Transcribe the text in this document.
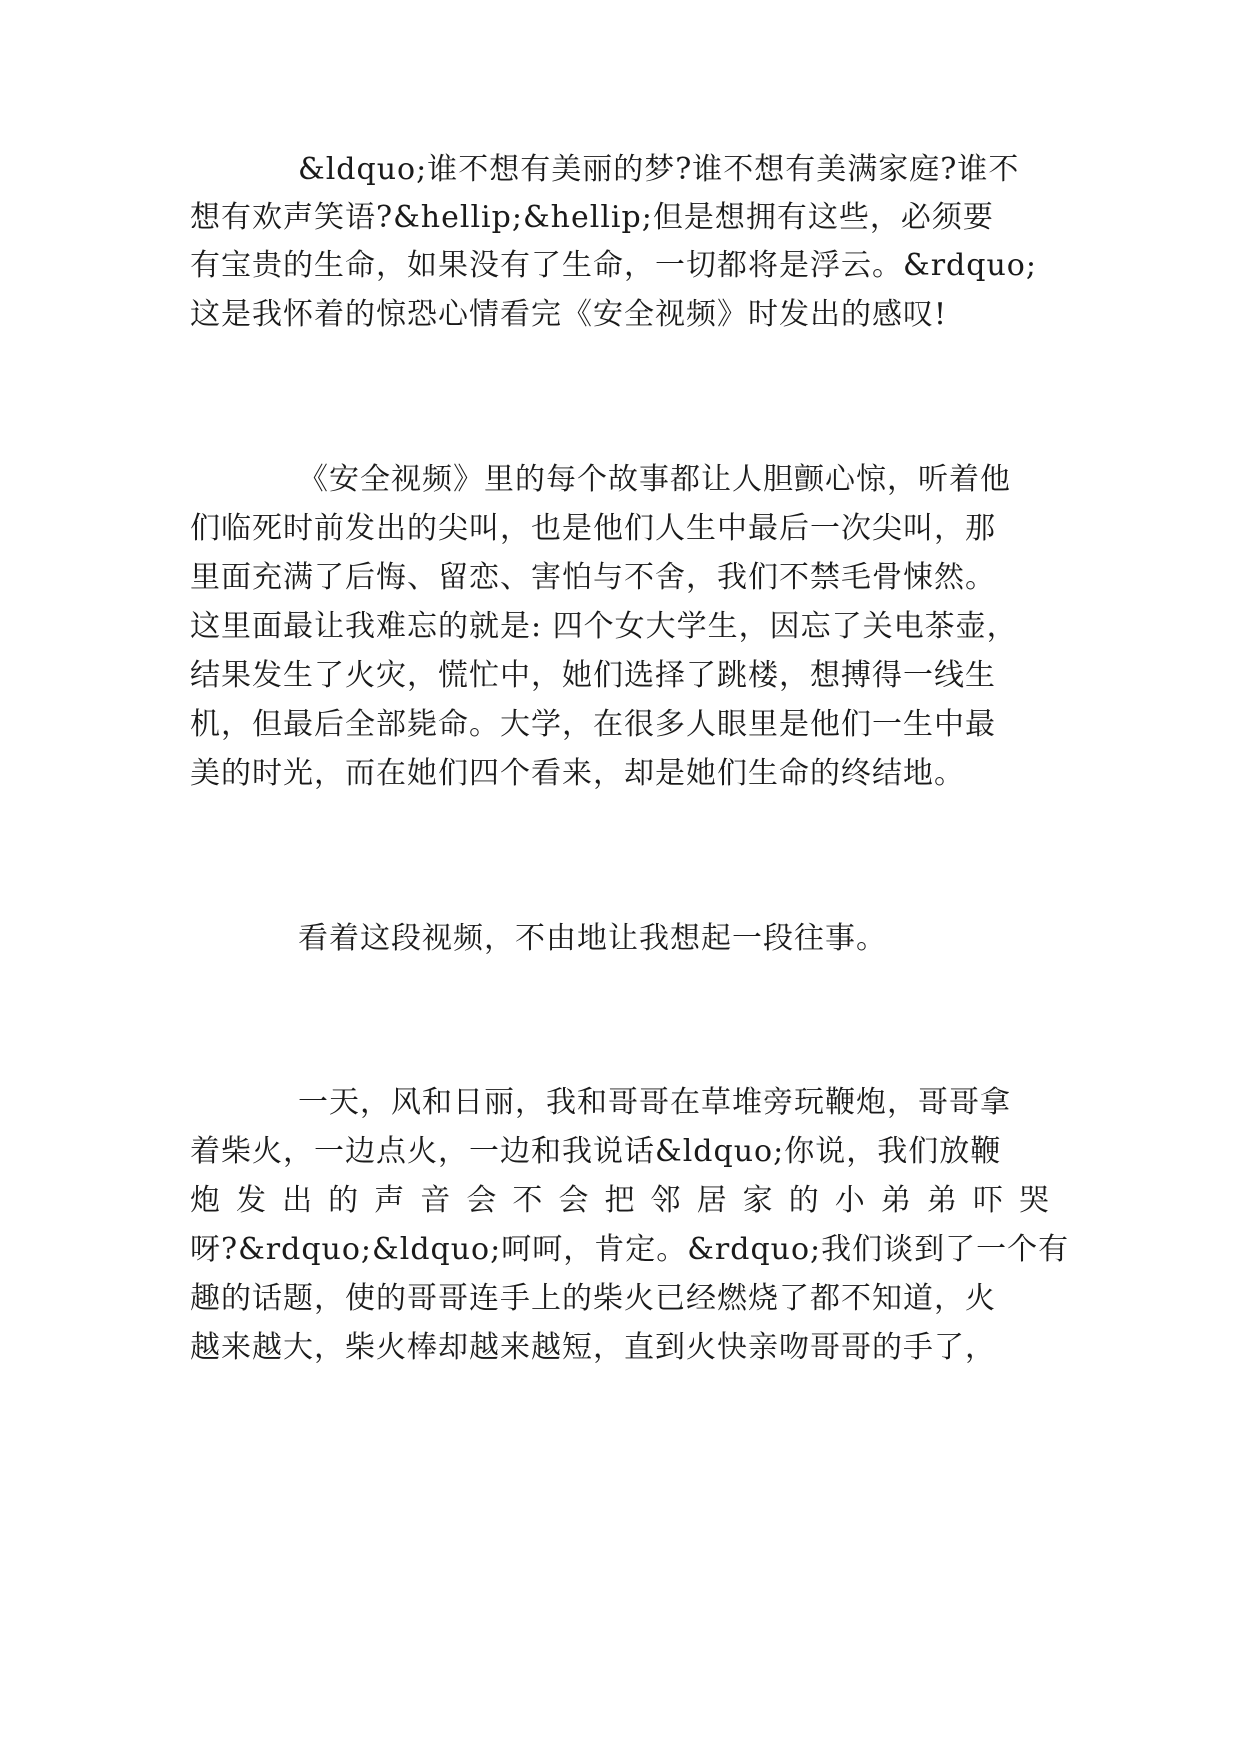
&ldquo;谁不想有美丽的梦?谁不想有美满家庭?谁不
想有欢声笑语?&hellip;&hellip;但是想拥有这些，必须要
有宝贵的生命，如果没有了生命，一切都将是浮云。&rdquo;
这是我怀着的惊恐心情看完《安全视频》时发出的感叹!
《安全视频》里的每个故事都让人胆颤心惊，听着他
们临死时前发出的尖叫，也是他们人生中最后一次尖叫，那
里面充满了后悔、留恋、害怕与不舍，我们不禁毛骨悚然。
这里面最让我难忘的就是: 四个女大学生，因忘了关电茶壶，
结果发生了火灾，慌忙中，她们选择了跳楼，想搏得一线生
机，但最后全部毙命。大学，在很多人眼里是他们一生中最
美的时光，而在她们四个看来，却是她们生命的终结地。
看着这段视频，不由地让我想起一段往事。
一天，风和日丽，我和哥哥在草堆旁玩鞭炮，哥哥拿
着柴火，一边点火，一边和我说话&ldquo;你说，我们放鞭
炮发出的声音会不会把邻居家的小弟弟吓哭
呀?&rdquo;&ldquo;呵呵，肯定。&rdquo;我们谈到了一个有
趣的话题，使的哥哥连手上的柴火已经燃烧了都不知道，火
越来越大，柴火棒却越来越短，直到火快亲吻哥哥的手了，
